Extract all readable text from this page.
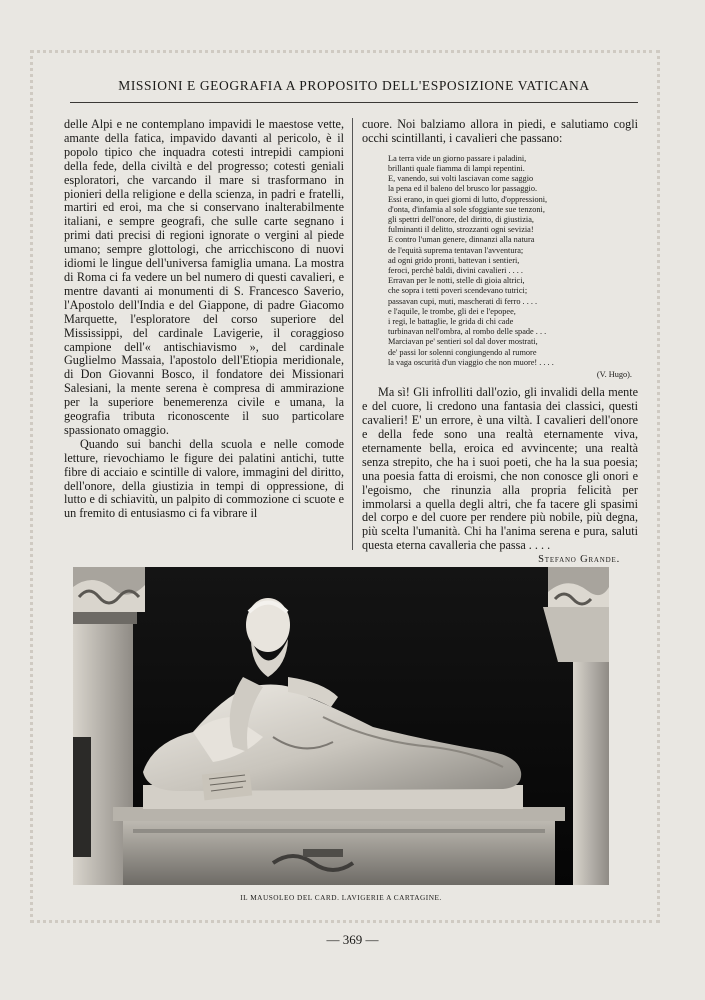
MISSIONI E GEOGRAFIA A PROPOSITO DELL'ESPOSIZIONE VATICANA

delle Alpi e ne contemplano impavidi le maestose vette, amante della fatica, impavido davanti al pericolo, è il popolo tipico che inquadra cotesti intrepidi campioni della fede, della civiltà e del progresso; cotesti geniali esploratori, che varcando il mare si trasformano in pionieri della religione e della scienza, in padri e fratelli, martiri ed eroi, ma che si conservano inalterabilmente italiani, e sempre geografi, che sulle carte segnano i primi dati precisi di regioni ignorate o vergini al piede umano; sempre glottologi, che arricchiscono di nuovi idiomi le lingue dell'universa famiglia umana. La mostra di Roma ci fa vedere un bel numero di questi cavalieri, e mentre davanti ai monumenti di S. Francesco Saverio, l'Apostolo dell'India e del Giappone, di padre Giacomo Marquette, l'esploratore del corso superiore del Mississippi, del cardinale Lavigerie, il coraggioso campione dell'« antischiavismo », del cardinale Guglielmo Massaia, l'apostolo dell'Etiopia meridionale, di Don Giovanni Bosco, il fondatore dei Missionari Salesiani, la mente serena è compresa di ammirazione per la superiore benemerenza civile e umana, la geografia tributa riconoscente il suo particolare spassionato omaggio.

Quando sui banchi della scuola e nelle comode letture, rievochiamo le figure dei palatini antichi, tutte fibre di acciaio e scintille di valore, immagini del diritto, dell'onore, della giustizia in tempi di oppressione, di lutto e di schiavitù, un palpito di commozione ci scuote e un fremito di entusiasmo ci fa vibrare il

cuore. Noi balziamo allora in piedi, e salutiamo cogli occhi scintillanti, i cavalieri che passano:

La terra vide un giorno passare i paladini,
brillanti quale fiamma di lampi repentini.
E, vanendo, sui volti lasciavan come saggio
la pena ed il baleno del brusco lor passaggio.
Essi erano, in quei giorni di lutto, d'oppressioni,
d'onta, d'infamia al sole sfoggiante sue tenzoni,
gli spettri dell'onore, del diritto, di giustizia,
fulminanti il delitto, strozzanti ogni sevizia!
E contro l'uman genere, dinnanzi alla natura
de l'equità suprema tentavan l'avventura;
ad ogni grido pronti, battevan i sentieri,
feroci, perchè baldi, divini cavalieri . . . .
Erravan per le notti, stelle di gioia altrici,
che sopra i tetti poveri scendevano tutrici;
passavan cupi, muti, mascherati di ferro . . . .
e l'aquile, le trombe, gli dei e l'epopee,
i regi, le battaglie, le grida di chi cade
turbinavan nell'ombra, al rombo delle spade . . .
Marciavan pe' sentieri sol dal dover mostrati,
de' passi lor solenni congiungendo al rumore
la vaga oscurità d'un viaggio che non muore! . . . .
(V. Hugo).

Ma sì! Gli infrolliti dall'ozio, gli invalidi della mente e del cuore, li credono una fantasia dei classici, questi cavalieri! E' un errore, è una viltà. I cavalieri dell'onore e della fede sono una realtà eternamente viva, eternamente bella, eroica ed avvincente; una realtà senza strepito, che ha i suoi poeti, che ha la sua poesia; una poesia fatta di eroismi, che non conosce gli onori e l'egoismo, che rinunzia alla propria felicità per immolarsi a quella degli altri, che fa tacere gli spasimi del corpo e del cuore per rendere più nobile, più degna, più scelta l'umanità. Chi ha l'anima serena e pura, saluti questa eterna cavalleria che passa . . . .

Stefano Grande.
IL MAUSOLEO DEL CARD. LAVIGERIE A CARTAGINE.
— 369 —
